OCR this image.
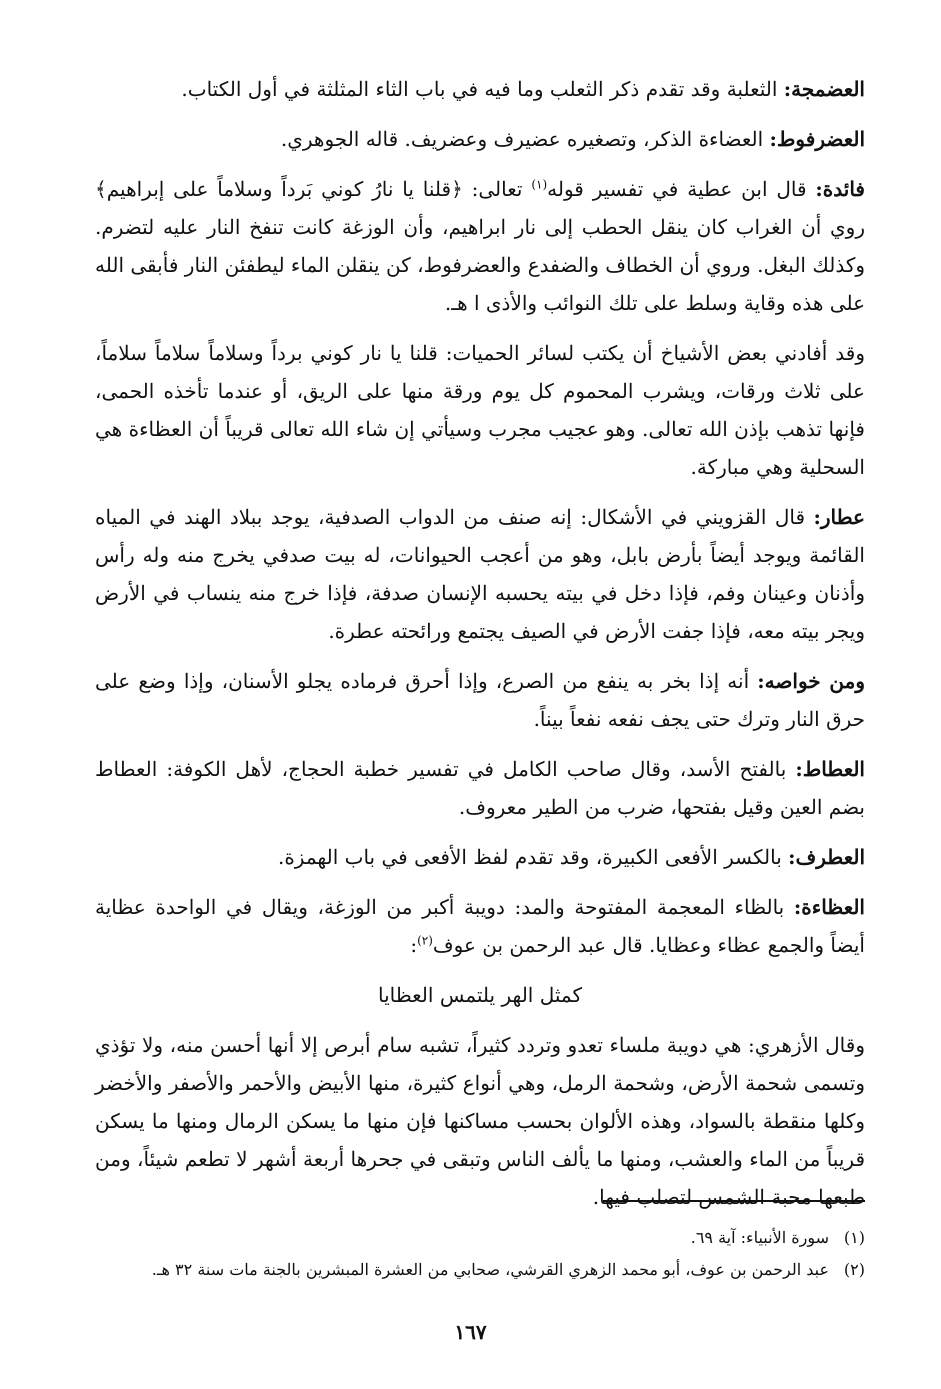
العضمجة: الثعلبة وقد تقدم ذكر الثعلب وما فيه في باب الثاء المثلثة في أول الكتاب.

العضرفوط: العضاءة الذكر، وتصغيره عضيرف وعضريف. قاله الجوهري.

فائدة: قال ابن عطية في تفسير قوله$^{(١)}$ تعالى: ﴿قلنا يا نارُ كوني بَرداً وسلاماً على إبراهيم﴾ روي أن الغراب كان ينقل الحطب إلى نار ابراهيم، وأن الوزغة كانت تنفخ النار عليه لتضرم. وكذلك البغل. وروي أن الخطاف والضفدع والعضرفوط، كن ينقلن الماء ليطفئن النار فأبقى الله على هذه وقاية وسلط على تلك النوائب والأذى ا هـ.

وقد أفادني بعض الأشياخ أن يكتب لسائر الحميات: قلنا يا نار كوني برداً وسلاماً سلاماً سلاماً، على ثلاث ورقات، ويشرب المحموم كل يوم ورقة منها على الريق، أو عندما تأخذه الحمى، فإنها تذهب بإذن الله تعالى. وهو عجيب مجرب وسيأتي إن شاء الله تعالى قريباً أن العظاءة هي السحلية وهي مباركة.

عطار: قال القزويني في الأشكال: إنه صنف من الدواب الصدفية، يوجد ببلاد الهند في المياه القائمة ويوجد أيضاً بأرض بابل، وهو من أعجب الحيوانات، له بيت صدفي يخرج منه وله رأس وأذنان وعينان وفم، فإذا دخل في بيته يحسبه الإنسان صدفة، فإذا خرج منه ينساب في الأرض ويجر بيته معه، فإذا جفت الأرض في الصيف يجتمع ورائحته عطرة.

ومن خواصه: أنه إذا بخر به ينفع من الصرع، وإذا أحرق فرماده يجلو الأسنان، وإذا وضع على حرق النار وترك حتى يجف نفعه نفعاً بيناً.

العطاط: بالفتح الأسد، وقال صاحب الكامل في تفسير خطبة الحجاج، لأهل الكوفة: العطاط بضم العين وقيل بفتحها، ضرب من الطير معروف.

العطرف: بالكسر الأفعى الكبيرة، وقد تقدم لفظ الأفعى في باب الهمزة.

العظاءة: بالظاء المعجمة المفتوحة والمد: دويبة أكبر من الوزغة، ويقال في الواحدة عظاية أيضاً والجمع عظاء وعظايا. قال عبد الرحمن بن عوف$^{(٢)}$:

كمثل الهر يلتمس العظايا

وقال الأزهري: هي دويبة ملساء تعدو وتردد كثيراً، تشبه سام أبرص إلا أنها أحسن منه، ولا تؤذي وتسمى شحمة الأرض، وشحمة الرمل، وهي أنواع كثيرة، منها الأبيض والأحمر والأصفر والأخضر وكلها منقطة بالسواد، وهذه الألوان بحسب مساكنها فإن منها ما يسكن الرمال ومنها ما يسكن قريباً من الماء والعشب، ومنها ما يألف الناس وتبقى في جحرها أربعة أشهر لا تطعم شيئاً، ومن طبعها محبة الشمس لتصلب فيها.

(١)سورة الأنبياء: آية ٦٩.
(٢)عبد الرحمن بن عوف، أبو محمد الزهري القرشي، صحابي من العشرة المبشرين بالجنة مات سنة ٣٢ هـ.
١٦٧
